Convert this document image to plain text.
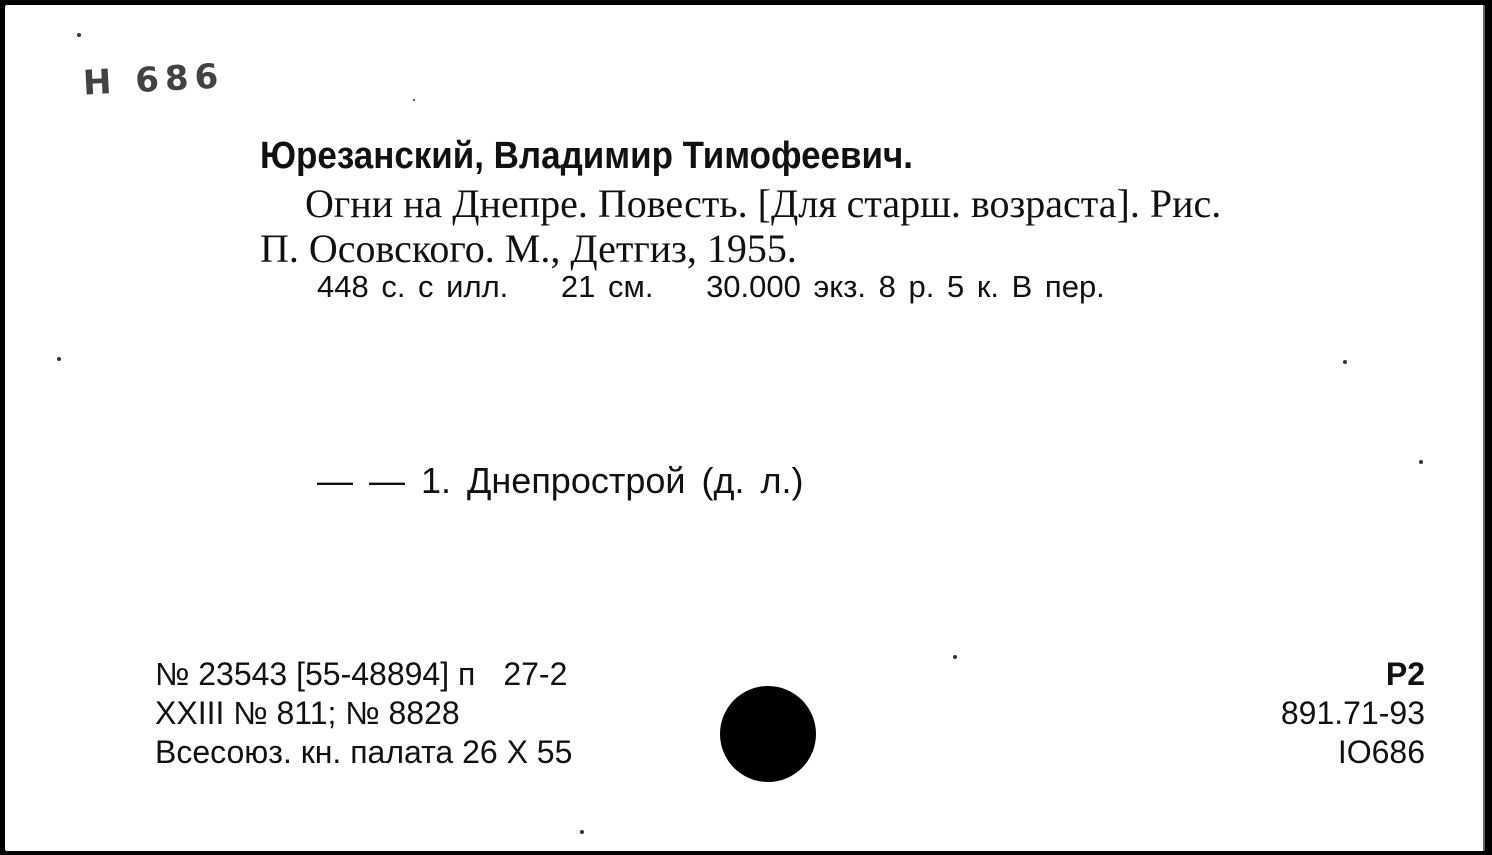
Н 686
Юрезанский, Владимир Тимофеевич.
Огни на Днепре. Повесть. [Для старш. возраста]. Рис.
П. Осовского. М., Детгиз, 1955.
448 с. с илл. 21 см. 30.000 экз. 8 р. 5 к. В пер.
— — 1. Днепрострой (д. л.)
№ 23543 [55-48894] п 27-2
XXIII № 811; № 8828
Всесоюз. кн. палата 26 X 55
Р2
891.71-93
IO686
